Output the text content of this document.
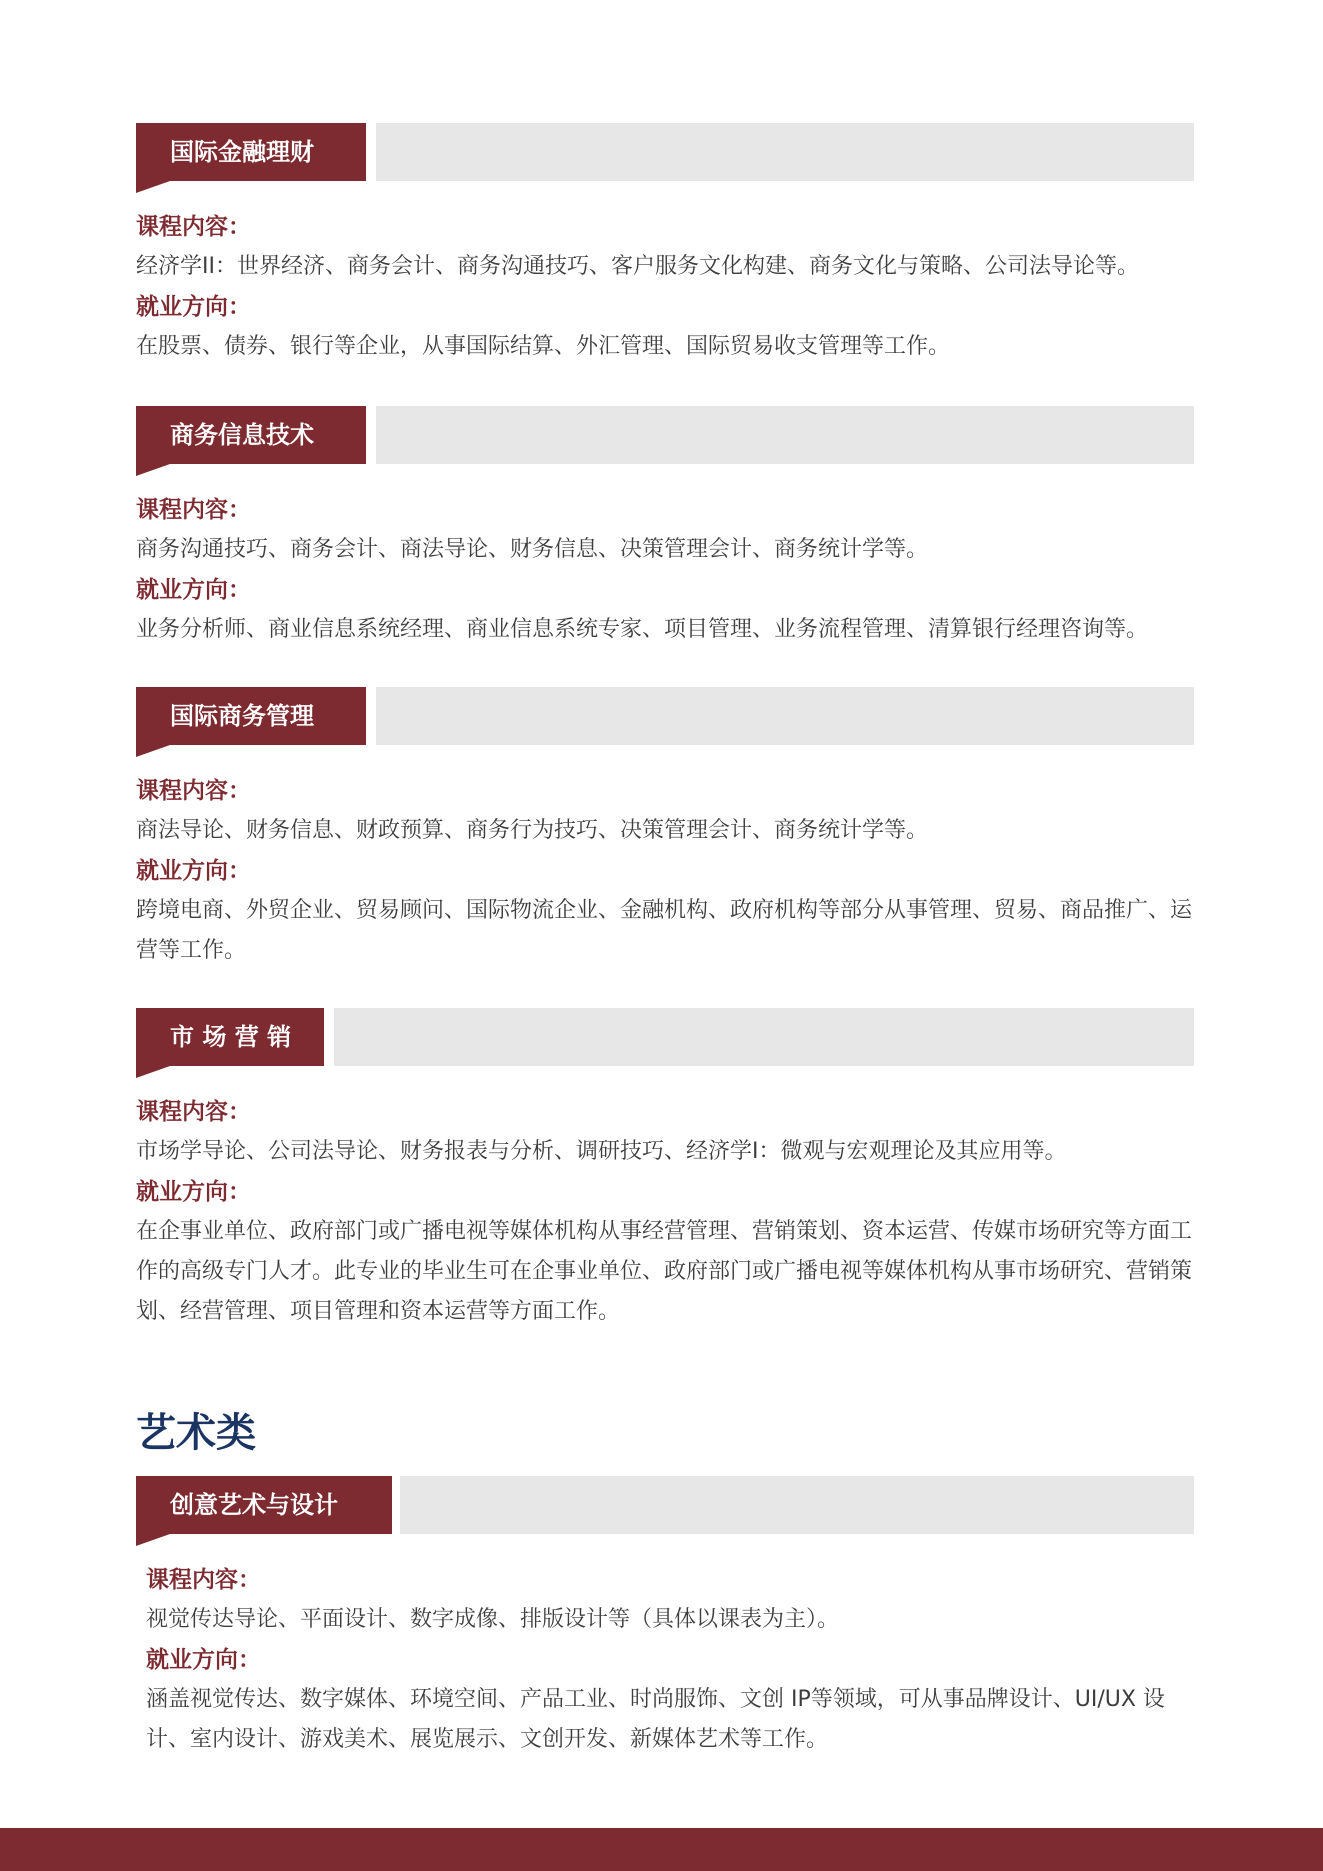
国际金融理财
课程内容：
经济学II：世界经济、商务会计、商务沟通技巧、客户服务文化构建、商务文化与策略、公司法导论等。
就业方向：
在股票、债券、银行等企业，从事国际结算、外汇管理、国际贸易收支管理等工作。
商务信息技术
课程内容：
商务沟通技巧、商务会计、商法导论、财务信息、决策管理会计、商务统计学等。
就业方向：
业务分析师、商业信息系统经理、商业信息系统专家、项目管理、业务流程管理、清算银行经理咨询等。
国际商务管理
课程内容：
商法导论、财务信息、财政预算、商务行为技巧、决策管理会计、商务统计学等。
就业方向：
跨境电商、外贸企业、贸易顾问、国际物流企业、金融机构、政府机构等部分从事管理、贸易、商品推广、运营等工作。
市 场 营 销
课程内容：
市场学导论、公司法导论、财务报表与分析、调研技巧、经济学I：微观与宏观理论及其应用等。
就业方向：
在企事业单位、政府部门或广播电视等媒体机构从事经营管理、营销策划、资本运营、传媒市场研究等方面工作的高级专门人才。此专业的毕业生可在企事业单位、政府部门或广播电视等媒体机构从事市场研究、营销策划、经营管理、项目管理和资本运营等方面工作。
艺术类
创意艺术与设计
课程内容：
视觉传达导论、平面设计、数字成像、排版设计等（具体以课表为主）。
就业方向：
涵盖视觉传达、数字媒体、环境空间、产品工业、时尚服饰、文创 IP等领域，可从事品牌设计、UI/UX 设计、室内设计、游戏美术、展览展示、文创开发、新媒体艺术等工作。
